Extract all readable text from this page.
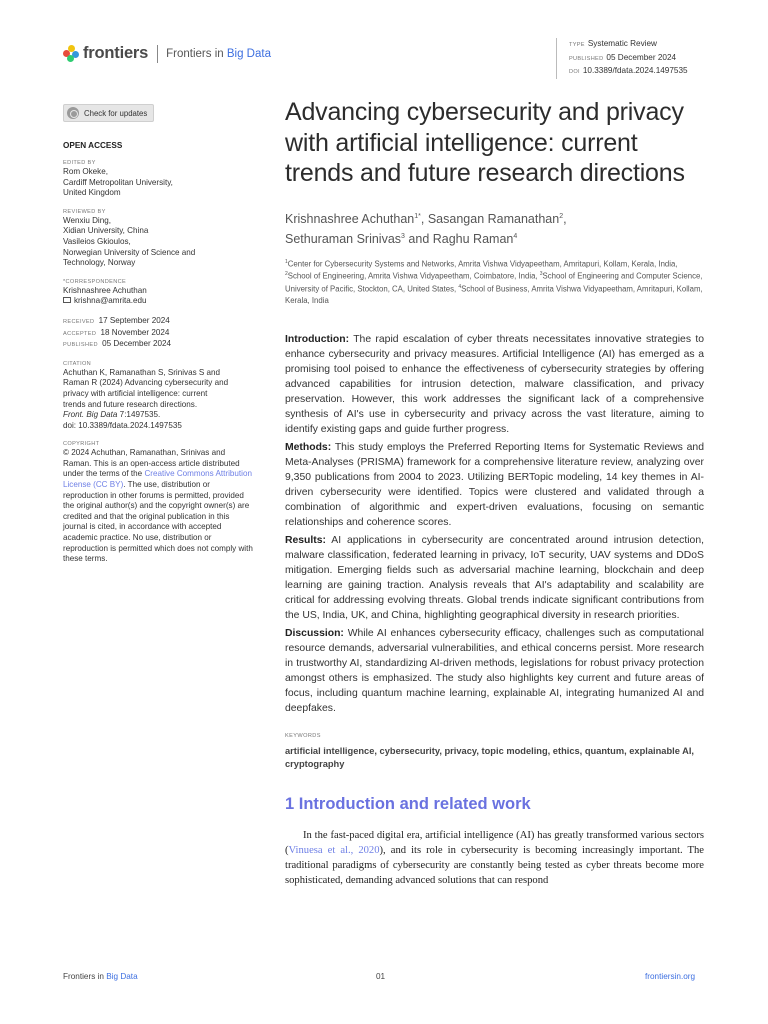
frontiers Frontiers in Big Data
TYPE Systematic Review
PUBLISHED 05 December 2024
DOI 10.3389/fdata.2024.1497535
Check for updates
OPEN ACCESS
EDITED BY
Rom Okeke,
Cardiff Metropolitan University,
United Kingdom
REVIEWED BY
Wenxiu Ding,
Xidian University, China
Vasileios Gkioulos,
Norwegian University of Science and
Technology, Norway
*CORRESPONDENCE
Krishnashree Achuthan
krishna@amrita.edu
RECEIVED 17 September 2024
ACCEPTED 18 November 2024
PUBLISHED 05 December 2024
CITATION
Achuthan K, Ramanathan S, Srinivas S and
Raman R (2024) Advancing cybersecurity and
privacy with artificial intelligence: current
trends and future research directions.
Front. Big Data 7:1497535.
doi: 10.3389/fdata.2024.1497535
COPYRIGHT
© 2024 Achuthan, Ramanathan, Srinivas and Raman. This is an open-access article distributed under the terms of the Creative Commons Attribution License (CC BY). The use, distribution or reproduction in other forums is permitted, provided the original author(s) and the copyright owner(s) are credited and that the original publication in this journal is cited, in accordance with accepted academic practice. No use, distribution or reproduction is permitted which does not comply with these terms.
Advancing cybersecurity and privacy with artificial intelligence: current trends and future research directions
Krishnashree Achuthan$^{1*}$, Sasangan Ramanathan$^2$,
Sethuraman Srinivas$^3$ and Raghu Raman$^4$
$^1$Center for Cybersecurity Systems and Networks, Amrita Vishwa Vidyapeetham, Amritapuri, Kollam, Kerala, India, $^2$School of Engineering, Amrita Vishwa Vidyapeetham, Coimbatore, India, $^3$School of Engineering and Computer Science, University of Pacific, Stockton, CA, United States, $^4$School of Business, Amrita Vishwa Vidyapeetham, Amritapuri, Kollam, Kerala, India

Introduction: The rapid escalation of cyber threats necessitates innovative strategies to enhance cybersecurity and privacy measures. Artificial Intelligence (AI) has emerged as a promising tool poised to enhance the effectiveness of cybersecurity strategies by offering advanced capabilities for intrusion detection, malware classification, and privacy preservation. However, this work addresses the significant lack of a comprehensive synthesis of AI's use in cybersecurity and privacy across the vast literature, aiming to identify existing gaps and guide further progress.

Methods: This study employs the Preferred Reporting Items for Systematic Reviews and Meta-Analyses (PRISMA) framework for a comprehensive literature review, analyzing over 9,350 publications from 2004 to 2023. Utilizing BERTopic modeling, 14 key themes in AI-driven cybersecurity were identified. Topics were clustered and validated through a combination of algorithmic and expert-driven evaluations, focusing on semantic relationships and coherence scores.

Results: AI applications in cybersecurity are concentrated around intrusion detection, malware classification, federated learning in privacy, IoT security, UAV systems and DDoS mitigation. Emerging fields such as adversarial machine learning, blockchain and deep learning are gaining traction. Analysis reveals that AI's adaptability and scalability are critical for addressing evolving threats. Global trends indicate significant contributions from the US, India, UK, and China, highlighting geographical diversity in research priorities.

Discussion: While AI enhances cybersecurity efficacy, challenges such as computational resource demands, adversarial vulnerabilities, and ethical concerns persist. More research in trustworthy AI, standardizing AI-driven methods, legislations for robust privacy protection amongst others is emphasized. The study also highlights key current and future areas of focus, including quantum machine learning, explainable AI, integrating humanized AI and deepfakes.

KEYWORDS
artificial intelligence, cybersecurity, privacy, topic modeling, ethics, quantum, explainable AI, cryptography
1 Introduction and related work

In the fast-paced digital era, artificial intelligence (AI) has greatly transformed various sectors (Vinuesa et al., 2020), and its role in cybersecurity is becoming increasingly important. The traditional paradigms of cybersecurity are constantly being tested as cyber threats become more sophisticated, demanding advanced solutions that can respond

Frontiers in Big Data	01	frontiersin.org
